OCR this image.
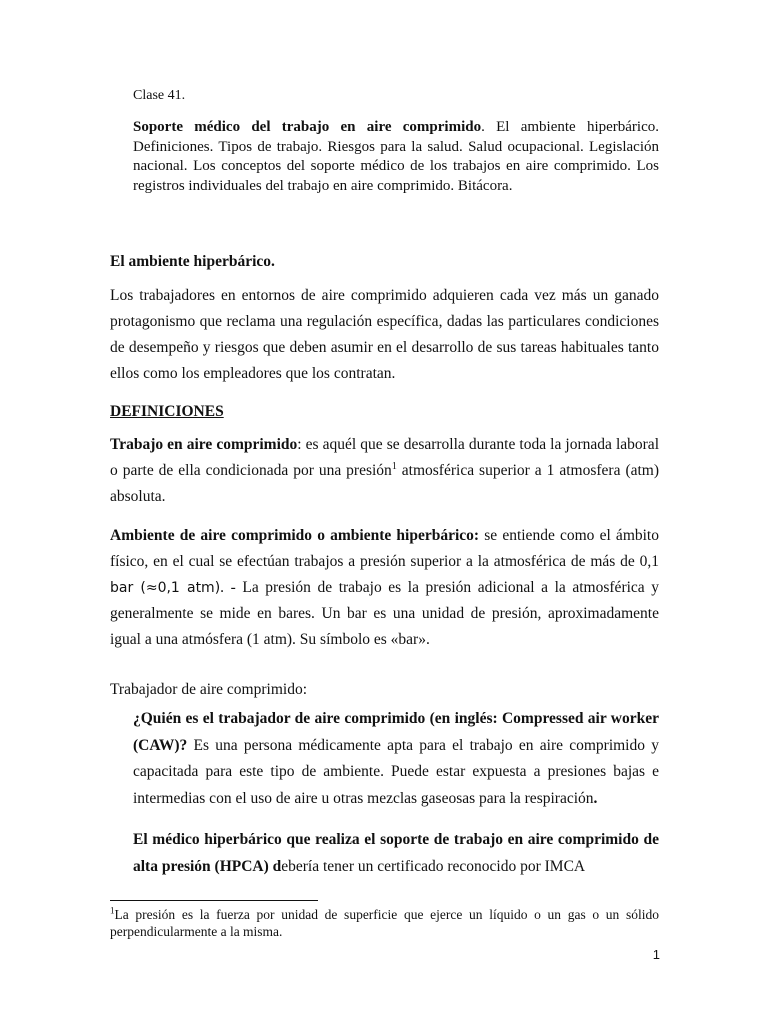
Clase 41.

Soporte médico del trabajo en aire comprimido. El ambiente hiperbárico. Definiciones. Tipos de trabajo. Riesgos para la salud. Salud ocupacional. Legislación nacional. Los conceptos del soporte médico de los trabajos en aire comprimido. Los registros individuales del trabajo en aire comprimido. Bitácora.

El ambiente hiperbárico.

Los trabajadores en entornos de aire comprimido adquieren cada vez más un ganado protagonismo que reclama una regulación específica, dadas las particulares condiciones de desempeño y riesgos que deben asumir en el desarrollo de sus tareas habituales tanto ellos como los empleadores que los contratan.

DEFINICIONES

Trabajo en aire comprimido: es aquél que se desarrolla durante toda la jornada laboral o parte de ella condicionada por una presión$^1$ atmosférica superior a 1 atmosfera (atm) absoluta.

Ambiente de aire comprimido o ambiente hiperbárico: se entiende como el ámbito físico, en el cual se efectúan trabajos a presión superior a la atmosférica de más de 0,1 bar (≈0,1 atm). - La presión de trabajo es la presión adicional a la atmosférica y generalmente se mide en bares. Un bar es una unidad de presión, aproximadamente igual a una atmósfera (1 atm). Su símbolo es «bar».

Trabajador de aire comprimido:

¿Quién es el trabajador de aire comprimido (en inglés: Compressed air worker (CAW)? Es una persona médicamente apta para el trabajo en aire comprimido y capacitada para este tipo de ambiente. Puede estar expuesta a presiones bajas e intermedias con el uso de aire u otras mezclas gaseosas para la respiración.

El médico hiperbárico que realiza el soporte de trabajo en aire comprimido de alta presión (HPCA) debería tener un certificado reconocido por IMCA

$^1$La presión es la fuerza por unidad de superficie que ejerce un líquido o un gas o un sólido perpendicularmente a la misma.

1
